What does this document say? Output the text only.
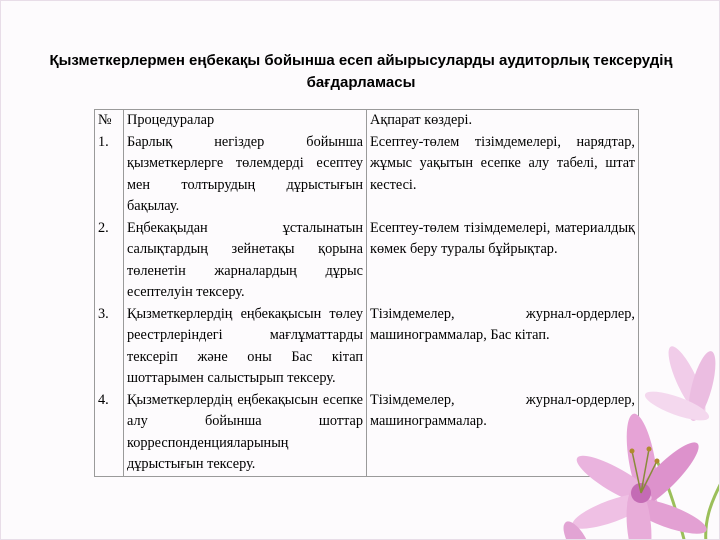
Қызметкерлермен еңбекақы бойынша есеп айырысуларды аудиторлық тексерудің бағдарламасы
№	Процедуралар	Ақпарат көздері.
1.	Барлық негіздер бойынша қызметкерлерге төлемдерді есептеу мен толтырудың дұрыстығын бақылау.	Есептеу-төлем тізімдемелері, нарядтар, жұмыс уақытын есепке алу табелі, штат кестесі.
2.	Еңбекақыдан ұсталынатын салықтардың зейнетақы қорына төленетін жарналардың дұрыс есептелуін тексеру.	Есептеу-төлем тізімдемелері, материалдық көмек беру туралы бұйрықтар.
3.	Қызметкерлердің еңбекақысын төлеу реестрлеріндегі мағлұматтарды тексеріп және оны Бас кітап шоттарымен салыстырып тексеру.	Тізімдемелер, журнал-ордерлер, машинограммалар, Бас кітап.
4.	Қызметкерлердің еңбекақысын есепке алу бойынша шоттар корреспонденцияларының дұрыстығын тексеру.	Тізімдемелер, журнал-ордерлер, машинограммалар.
